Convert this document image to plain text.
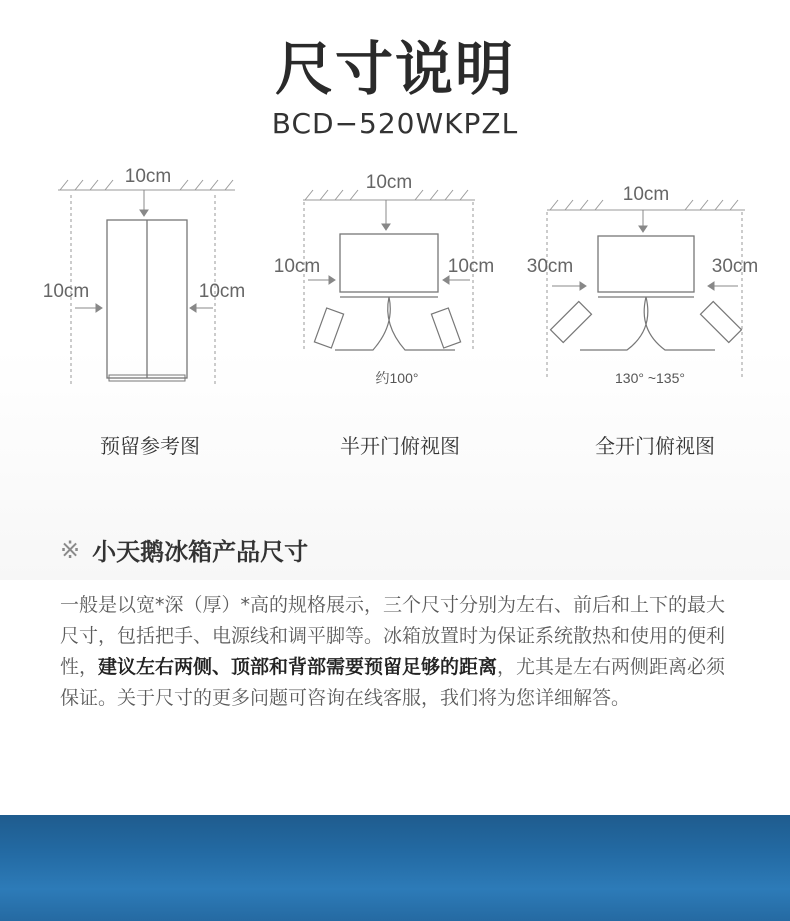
尺寸说明
BCD−520WKPZL
10cm
10cm	10cm
10cm
10cm	10cm
约100°
10cm
30cm	30cm
130° ~135°
预留参考图	半开门俯视图	全开门俯视图
※ 小天鹅冰箱产品尺寸
一般是以宽*深（厚）*高的规格展示，三个尺寸分别为左右、前后和上下的最大尺寸，包括把手、电源线和调平脚等。冰箱放置时为保证系统散热和使用的便利性，建议左右两侧、顶部和背部需要预留足够的距离，尤其是左右两侧距离必须保证。关于尺寸的更多问题可咨询在线客服，我们将为您详细解答。
